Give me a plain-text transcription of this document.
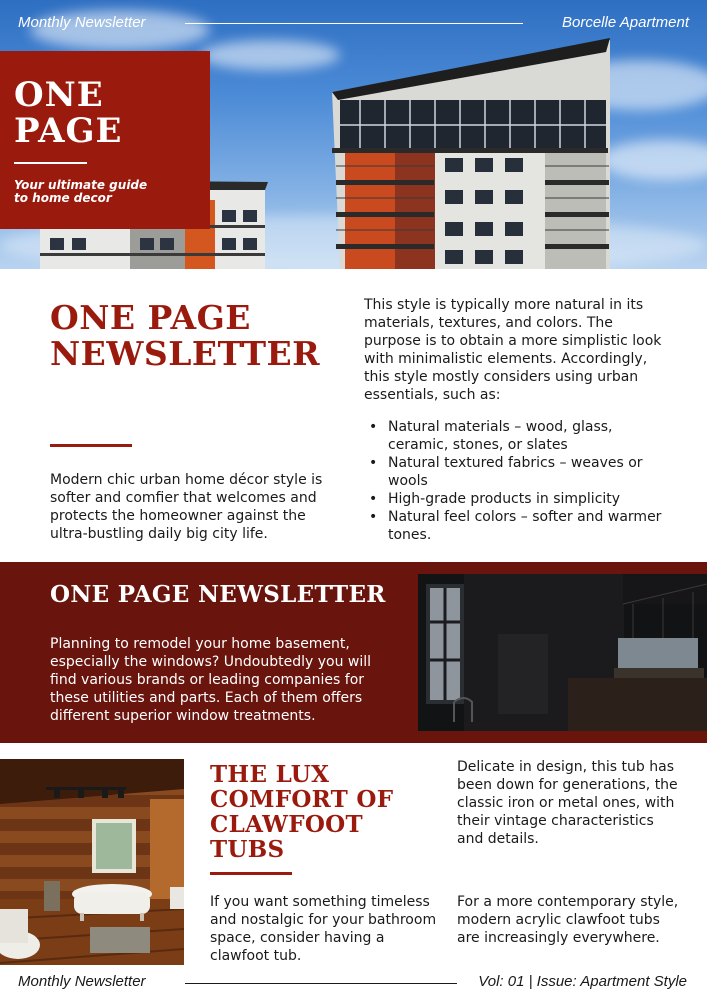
Monthly Newsletter	Borcelle Apartment
ONE
PAGE
Your ultimate guide
to home decor
ONE PAGE
NEWSLETTER

Modern chic urban home décor style is softer and comfier that welcomes and protects the homeowner against the ultra-bustling daily big city life.

This style is typically more natural in its materials, textures, and colors. The purpose is to obtain a more simplistic look with minimalistic elements. Accordingly, this style mostly considers using urban essentials, such as:

• Natural materials – wood, glass, ceramic, stones, or slates
• Natural textured fabrics – weaves or wools
• High-grade products in simplicity
• Natural feel colors – softer and warmer tones.
ONE PAGE NEWSLETTER

Planning to remodel your home basement, especially the windows? Undoubtedly you will find various brands or leading companies for these utilities and parts. Each of them offers different superior window treatments.

THE LUX
COMFORT OF
CLAWFOOT
TUBS

If you want something timeless and nostalgic for your bathroom space, consider having a clawfoot tub.

Delicate in design, this tub has been down for generations, the classic iron or metal ones, with their vintage characteristics and details.

For a more contemporary style, modern acrylic clawfoot tubs are increasingly everywhere.

Monthly Newsletter	Vol: 01 | Issue: Apartment Style
